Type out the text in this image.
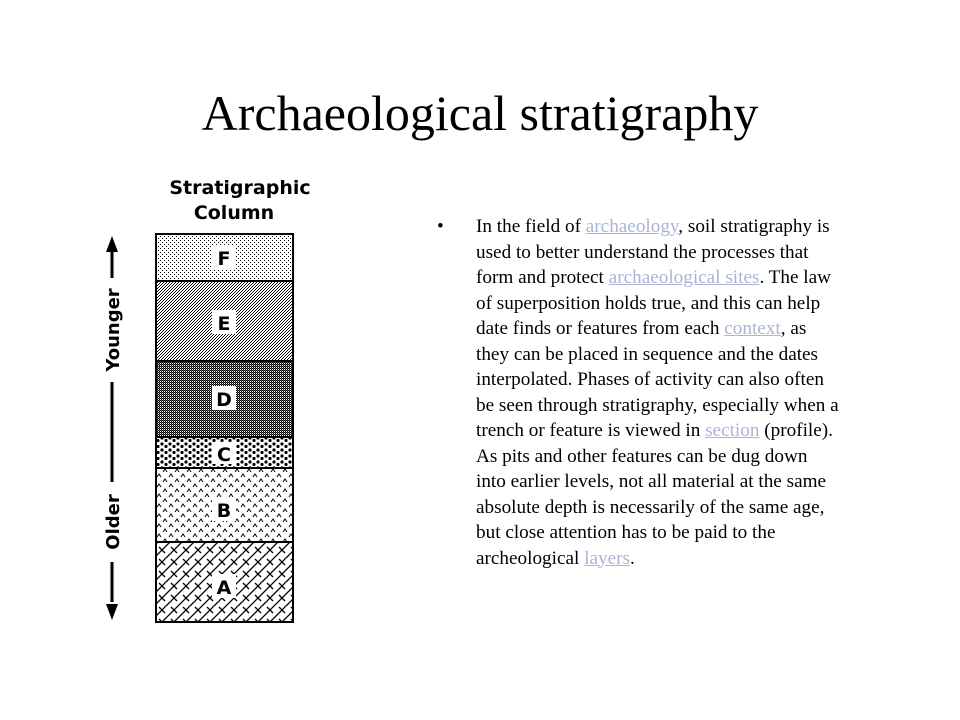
Archaeological stratigraphy
Stratigraphic
Column
F
E
D
C
B
A
Younger
Older
• In the field of archaeology, soil stratigraphy is used to better understand the processes that form and protect archaeological sites. The law of superposition holds true, and this can help date finds or features from each context, as they can be placed in sequence and the dates interpolated. Phases of activity can also often be seen through stratigraphy, especially when a trench or feature is viewed in section (profile). As pits and other features can be dug down into earlier levels, not all material at the same absolute depth is necessarily of the same age, but close attention has to be paid to the archeological layers.
